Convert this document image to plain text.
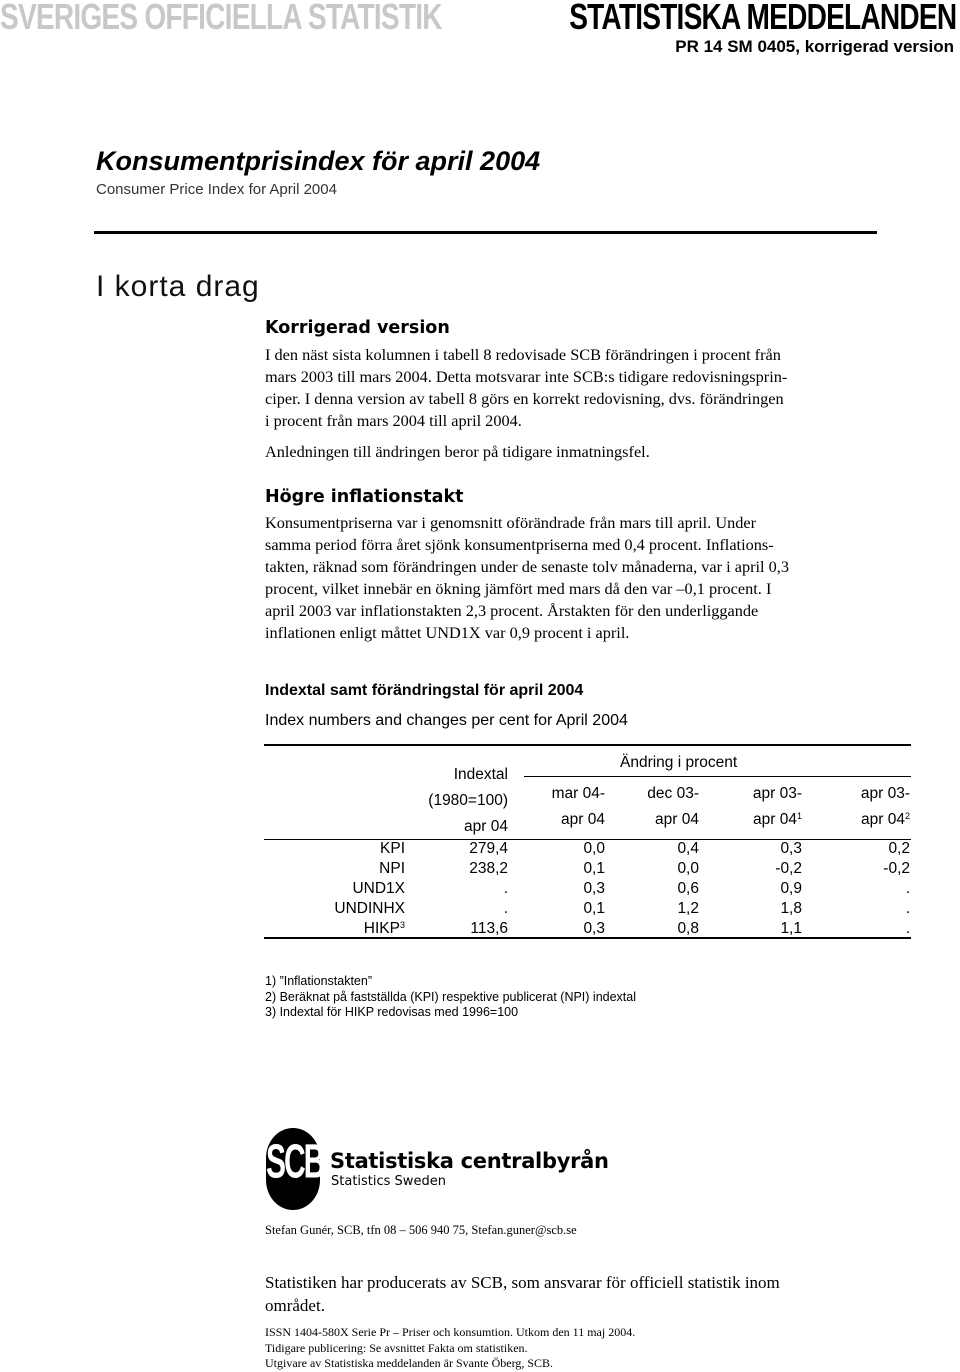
SVERIGES OFFICIELLA STATISTIK	STATISTISKA MEDDELANDEN
PR 14 SM 0405, korrigerad version
Konsumentprisindex för april 2004
Consumer Price Index for April 2004
I korta drag
Korrigerad version
I den näst sista kolumnen i tabell 8 redovisade SCB förändringen i procent från
mars 2003 till mars 2004. Detta motsvarar inte SCB:s tidigare redovisningsprin-
ciper. I denna version av tabell 8 görs en korrekt redovisning, dvs. förändringen
i procent från mars 2004 till april 2004.
Anledningen till ändringen beror på tidigare inmatningsfel.
Högre inflationstakt
Konsumentpriserna var i genomsnitt oförändrade från mars till april. Under
samma period förra året sjönk konsumentpriserna med 0,4 procent. Inflations-
takten, räknad som förändringen under de senaste tolv månaderna, var i april 0,3
procent, vilket innebär en ökning jämfört med mars då den var –0,1 procent. I
april 2003 var inflationstakten 2,3 procent. Årstakten för den underliggande
inflationen enligt måttet UND1X var 0,9 procent i april.
Indextal samt förändringstal för april 2004
Index numbers and changes per cent for April 2004
Ändring i procent
Indextal
(1980=100)
apr 04
mar 04-
apr 04
dec 03-
apr 04
apr 03-
apr $04^1$
apr 03-
apr $04^2$
KPI	279,4	0,0	0,4	0,3	0,2
NPI	238,2	0,1	0,0	-0,2	-0,2
UND1X	.	0,3	0,6	0,9	.
UNDINHX	.	0,1	1,2	1,8	.
HIKP$^3$	113,6	0,3	0,8	1,1	.
1) ”Inflationstakten”
2) Beräknat på fastställda (KPI) respektive publicerat (NPI) indextal
3) Indextal för HIKP redovisas med 1996=100
SCB Statistiska centralbyrån
Statistics Sweden
Stefan Gunér, SCB, tfn 08 – 506 940 75, Stefan.guner@scb.se
Statistiken har producerats av SCB, som ansvarar för officiell statistik inom
området.
ISSN 1404-580X Serie Pr – Priser och konsumtion. Utkom den 11 maj 2004.
Tidigare publicering: Se avsnittet Fakta om statistiken.
Utgivare av Statistiska meddelanden är Svante Öberg, SCB.
